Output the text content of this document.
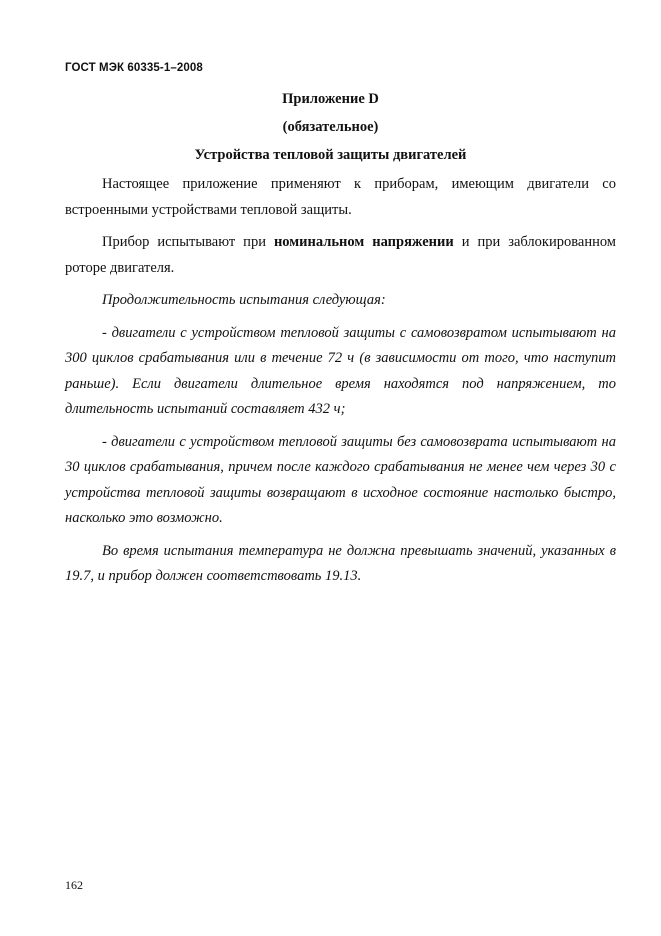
ГОСТ МЭК 60335-1–2008
Приложение D
(обязательное)
Устройства тепловой защиты двигателей

Настоящее приложение применяют к приборам, имеющим двигатели со встроенными устройствами тепловой защиты.

Прибор испытывают при номинальном напряжении и при заблокированном роторе двигателя.

Продолжительность испытания следующая:

- двигатели с устройством тепловой защиты с самовозвратом испытывают на 300 циклов срабатывания или в течение 72 ч (в зависимости от того, что наступит раньше). Если двигатели длительное время находятся под напряжением, то длительность испытаний составляет 432 ч;

- двигатели с устройством тепловой защиты без самовозврата испытывают на 30 циклов срабатывания, причем после каждого срабатывания не менее чем через 30 с устройства тепловой защиты возвращают в исходное состояние настолько быстро, насколько это возможно.

Во время испытания температура не должна превышать значений, указанных в 19.7, и прибор должен соответствовать 19.13.

162
